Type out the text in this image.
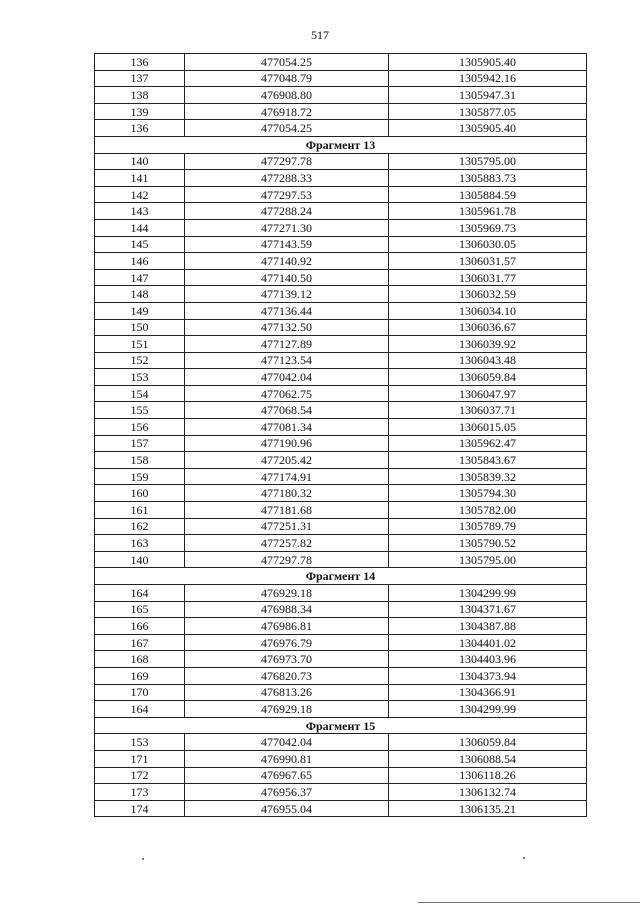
517
136	477054.25	1305905.40
137	477048.79	1305942.16
138	476908.80	1305947.31
139	476918.72	1305877.05
136	477054.25	1305905.40
Фрагмент 13		
140	477297.78	1305795.00
141	477288.33	1305883.73
142	477297.53	1305884.59
143	477288.24	1305961.78
144	477271.30	1305969.73
145	477143.59	1306030.05
146	477140.92	1306031.57
147	477140.50	1306031.77
148	477139.12	1306032.59
149	477136.44	1306034.10
150	477132.50	1306036.67
151	477127.89	1306039.92
152	477123.54	1306043.48
153	477042.04	1306059.84
154	477062.75	1306047.97
155	477068.54	1306037.71
156	477081.34	1306015.05
157	477190.96	1305962.47
158	477205.42	1305843.67
159	477174.91	1305839.32
160	477180.32	1305794.30
161	477181.68	1305782.00
162	477251.31	1305789.79
163	477257.82	1305790.52
140	477297.78	1305795.00
Фрагмент 14		
164	476929.18	1304299.99
165	476988.34	1304371.67
166	476986.81	1304387.88
167	476976.79	1304401.02
168	476973.70	1304403.96
169	476820.73	1304373.94
170	476813.26	1304366.91
164	476929.18	1304299.99
Фрагмент 15		
153	477042.04	1306059.84
171	476990.81	1306088.54
172	476967.65	1306118.26
173	476956.37	1306132.74
174	476955.04	1306135.21
